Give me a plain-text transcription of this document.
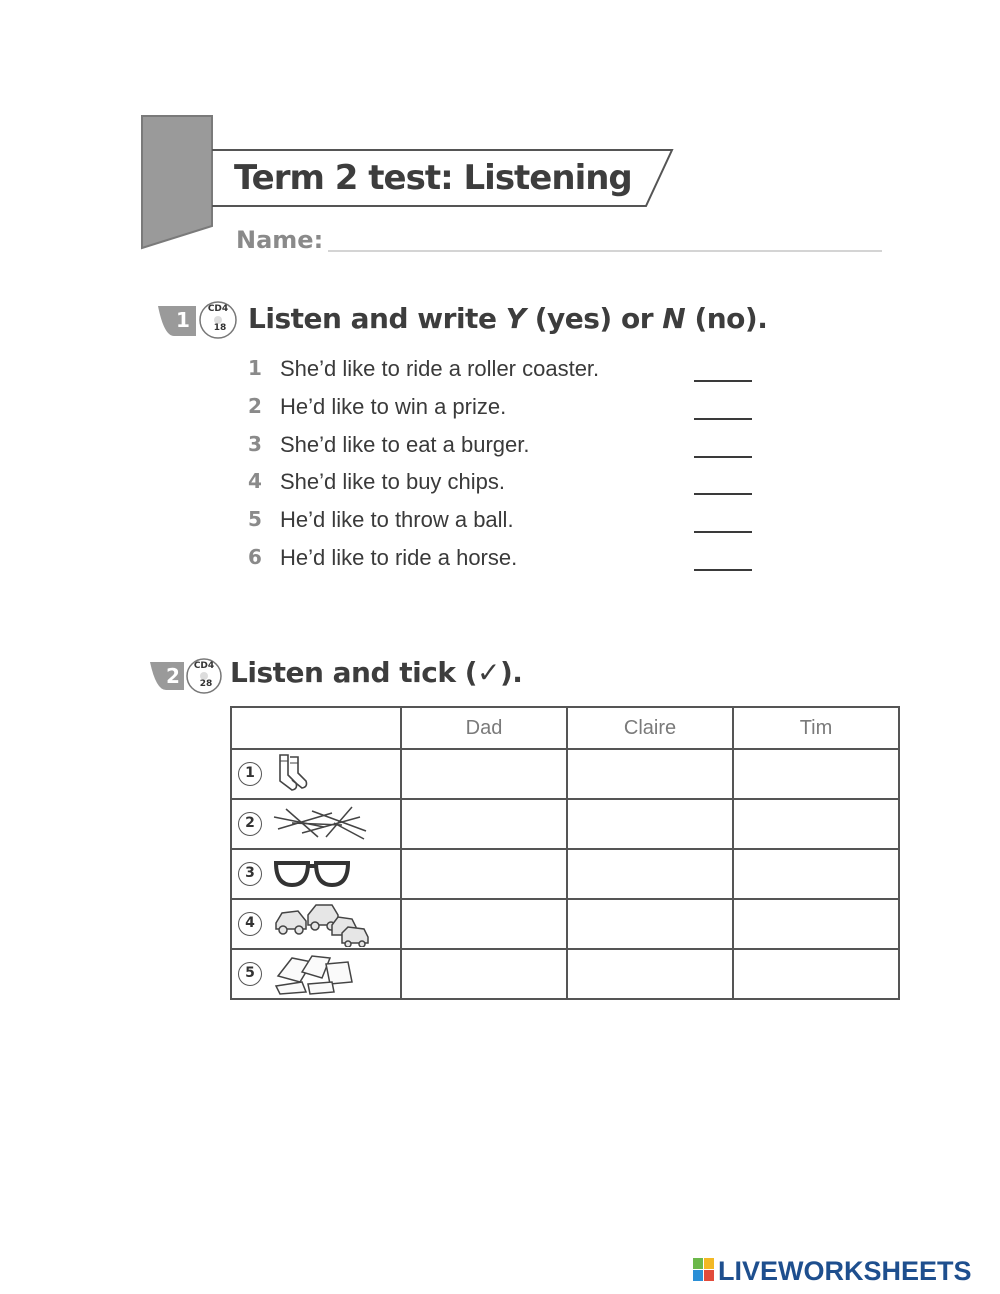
Term 2 test: Listening
Name:
1	CD4
18 Listen and write Y (yes) or N (no).
1 She’d like to ride a roller coaster.
2 He’d like to win a prize.
3 She’d like to eat a burger.
4 She’d like to buy chips.
5 He’d like to throw a ball.
6 He’d like to ride a horse.
2	CD4
28 Listen and tick (✓).
	Dad	Claire	Tim

1			

2			

3			

4			

5			

LIVEWORKSHEETS
